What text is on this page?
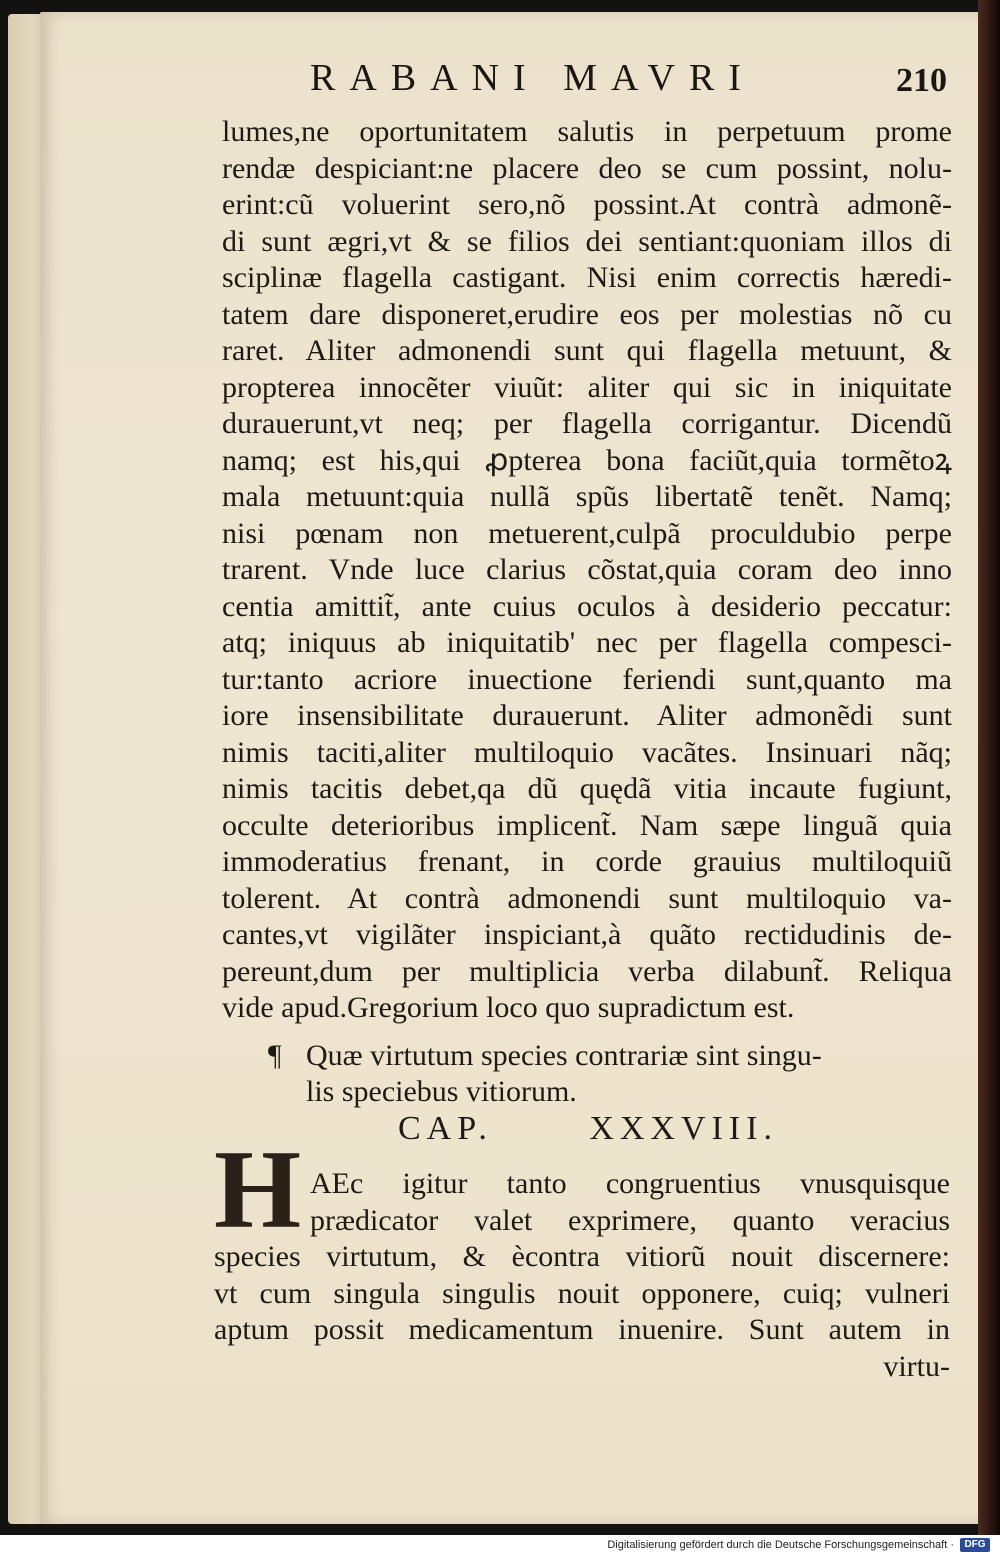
RABANI MAVRI	210
lumes,ne oportunitatem salutis in perpetuum prome
rendæ despiciant:ne placere deo se cum possint, nolu-
erint:cũ voluerint sero,nõ possint.At contrà admonẽ-
di sunt ægri,vt & se filios dei sentiant:quoniam illos di
sciplinæ flagella castigant. Nisi enim correctis hæredi-
tatem dare disponeret,erudire eos per molestias nõ cu
raret. Aliter admonendi sunt qui flagella metuunt, &
propterea innocẽter viuũt: aliter qui sic in iniquitate
durauerunt,vt neq; per flagella corrigantur. Dicendũ
namq; est his,qui ꝓpterea bona faciũt,quia tormẽtoꝝ
mala metuunt:quia nullã spũs libertatẽ tenẽt. Namq;
nisi pœnam non metuerent,culpã proculdubio perpe
trarent. Vnde luce clarius cõstat,quia coram deo inno
centia amittit̃, ante cuius oculos à desiderio peccatur:
atq; iniquus ab iniquitatib' nec per flagella compesci-
tur:tanto acriore inuectione feriendi sunt,quanto ma
iore insensibilitate durauerunt. Aliter admonẽdi sunt
nimis taciti,aliter multiloquio vacãtes. Insinuari nãq;
nimis tacitis debet,qa dũ quędã vitia incaute fugiunt,
occulte deterioribus implicent̃. Nam sæpe linguã quia
immoderatius frenant, in corde grauius multiloquiũ
tolerent. At contrà admonendi sunt multiloquio va-
cantes,vt vigilãter inspiciant,à quãto rectidudinis de-
pereunt,dum per multiplicia verba dilabunt̃. Reliqua
vide apud.Gregorium loco quo supradictum est.
¶ Quæ virtutum species contrariæ sint singu-
lis speciebus vitiorum.
CAP.	XXXVIII.
H AEc igitur tanto congruentius vnusquisque
prædicator valet exprimere, quanto veracius
species virtutum, & ècontra vitiorũ nouit discernere:
vt cum singula singulis nouit opponere, cuiq; vulneri
aptum possit medicamentum inuenire. Sunt autem in
virtu-
Digitalisierung gefördert durch die Deutsche Forschungsgemeinschaft ·	DFG
